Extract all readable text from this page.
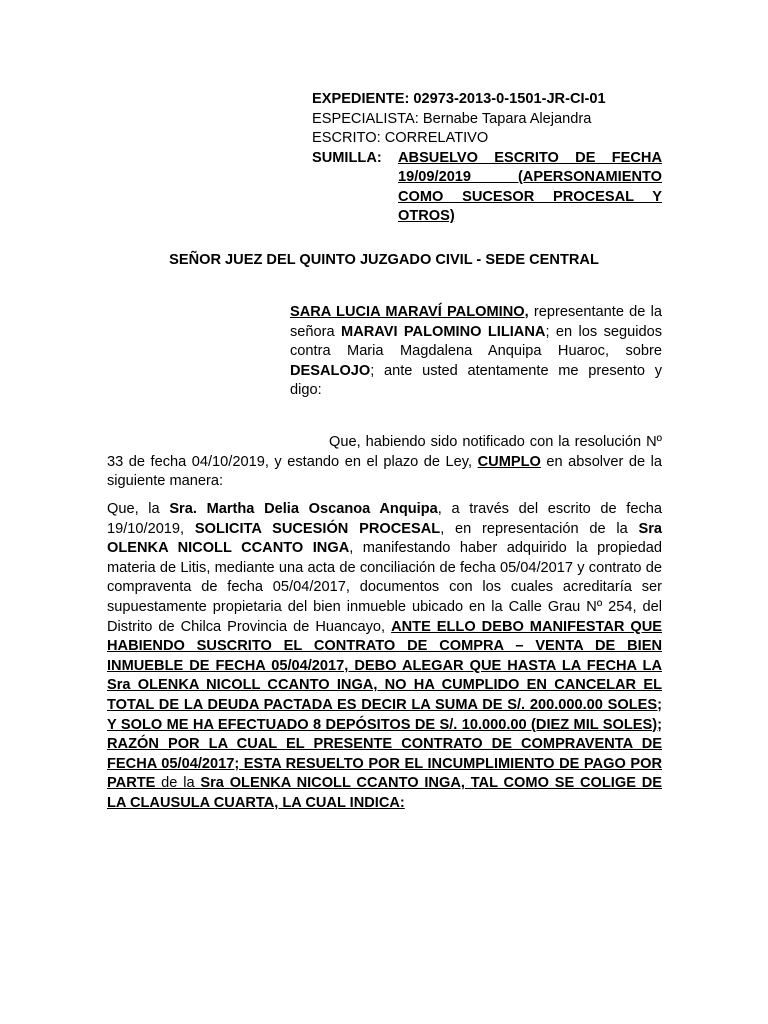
EXPEDIENTE: 02973-2013-0-1501-JR-CI-01
ESPECIALISTA: Bernabe Tapara Alejandra
ESCRITO: CORRELATIVO
SUMILLA:	ABSUELVO ESCRITO DE FECHA 19/09/2019 (APERSONAMIENTO COMO SUCESOR PROCESAL Y OTROS)
SEÑOR JUEZ DEL QUINTO JUZGADO CIVIL - SEDE CENTRAL
SARA LUCIA MARAVÍ PALOMINO, representante de la señora MARAVI PALOMINO LILIANA; en los seguidos contra Maria Magdalena Anquipa Huaroc, sobre DESALOJO; ante usted atentamente me presento y digo:
Que, habiendo sido notificado con la resolución Nº 33 de fecha 04/10/2019, y estando en el plazo de Ley, CUMPLO en absolver de la siguiente manera:
Que, la Sra. Martha Delia Oscanoa Anquipa, a través del escrito de fecha 19/10/2019, SOLICITA SUCESIÓN PROCESAL, en representación de la Sra OLENKA NICOLL CCANTO INGA, manifestando haber adquirido la propiedad materia de Litis, mediante una acta de conciliación de fecha 05/04/2017 y contrato de compraventa de fecha 05/04/2017, documentos con los cuales acreditaría ser supuestamente propietaria del bien inmueble ubicado en la Calle Grau Nº 254, del Distrito de Chilca Provincia de Huancayo, ANTE ELLO DEBO MANIFESTAR QUE HABIENDO SUSCRITO EL CONTRATO DE COMPRA – VENTA DE BIEN INMUEBLE DE FECHA 05/04/2017, DEBO ALEGAR QUE HASTA LA FECHA LA Sra OLENKA NICOLL CCANTO INGA, NO HA CUMPLIDO EN CANCELAR EL TOTAL DE LA DEUDA PACTADA ES DECIR LA SUMA DE S/. 200.000.00 SOLES; Y SOLO ME HA EFECTUADO 8 DEPÓSITOS DE S/. 10.000.00 (DIEZ MIL SOLES); RAZÓN POR LA CUAL EL PRESENTE CONTRATO DE COMPRAVENTA DE FECHA 05/04/2017; ESTA RESUELTO POR EL INCUMPLIMIENTO DE PAGO POR PARTE de la Sra OLENKA NICOLL CCANTO INGA, TAL COMO SE COLIGE DE LA CLAUSULA CUARTA, LA CUAL INDICA:
